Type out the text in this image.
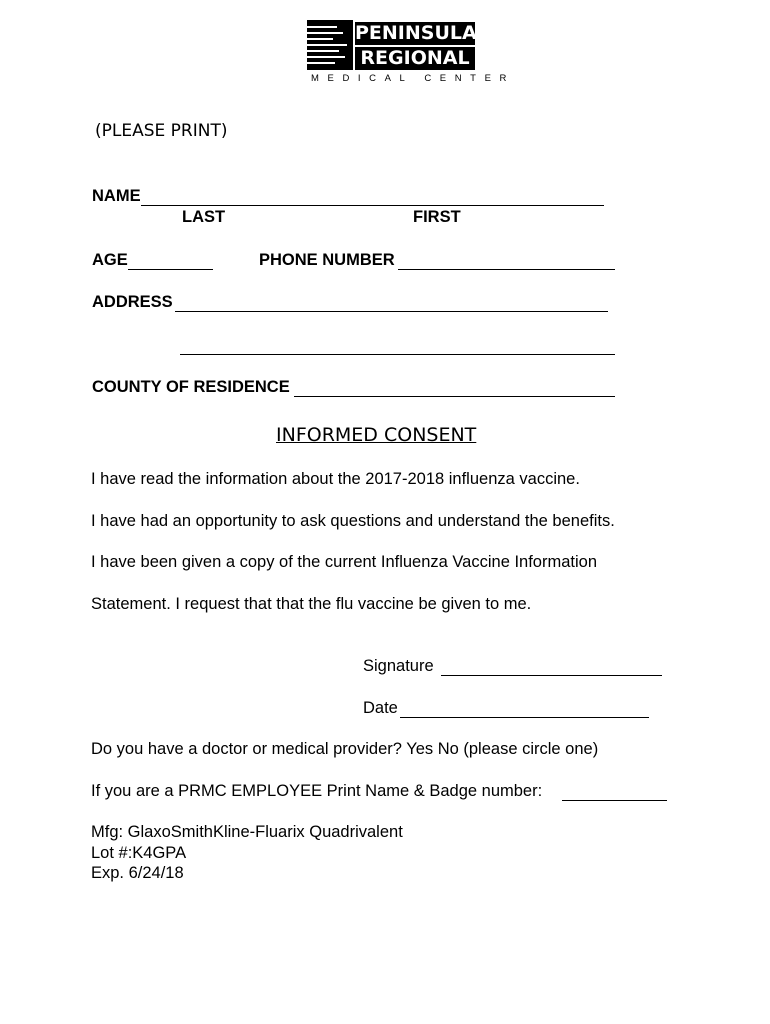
PENINSULA
REGIONAL
MEDICAL CENTER
(PLEASE PRINT)
NAME
LAST	FIRST
AGE	PHONE NUMBER
ADDRESS
COUNTY OF RESIDENCE
INFORMED CONSENT
I have read the information about the 2017-2018 influenza vaccine.
I have had an opportunity to ask questions and understand the benefits.
I have been given a copy of the current Influenza Vaccine Information
Statement. I request that that the flu vaccine be given to me.
Signature
Date
Do you have a doctor or medical provider? Yes No (please circle one)
If you are a PRMC EMPLOYEE Print Name & Badge number:
Mfg: GlaxoSmithKline-Fluarix Quadrivalent
Lot #:K4GPA
Exp. 6/24/18
